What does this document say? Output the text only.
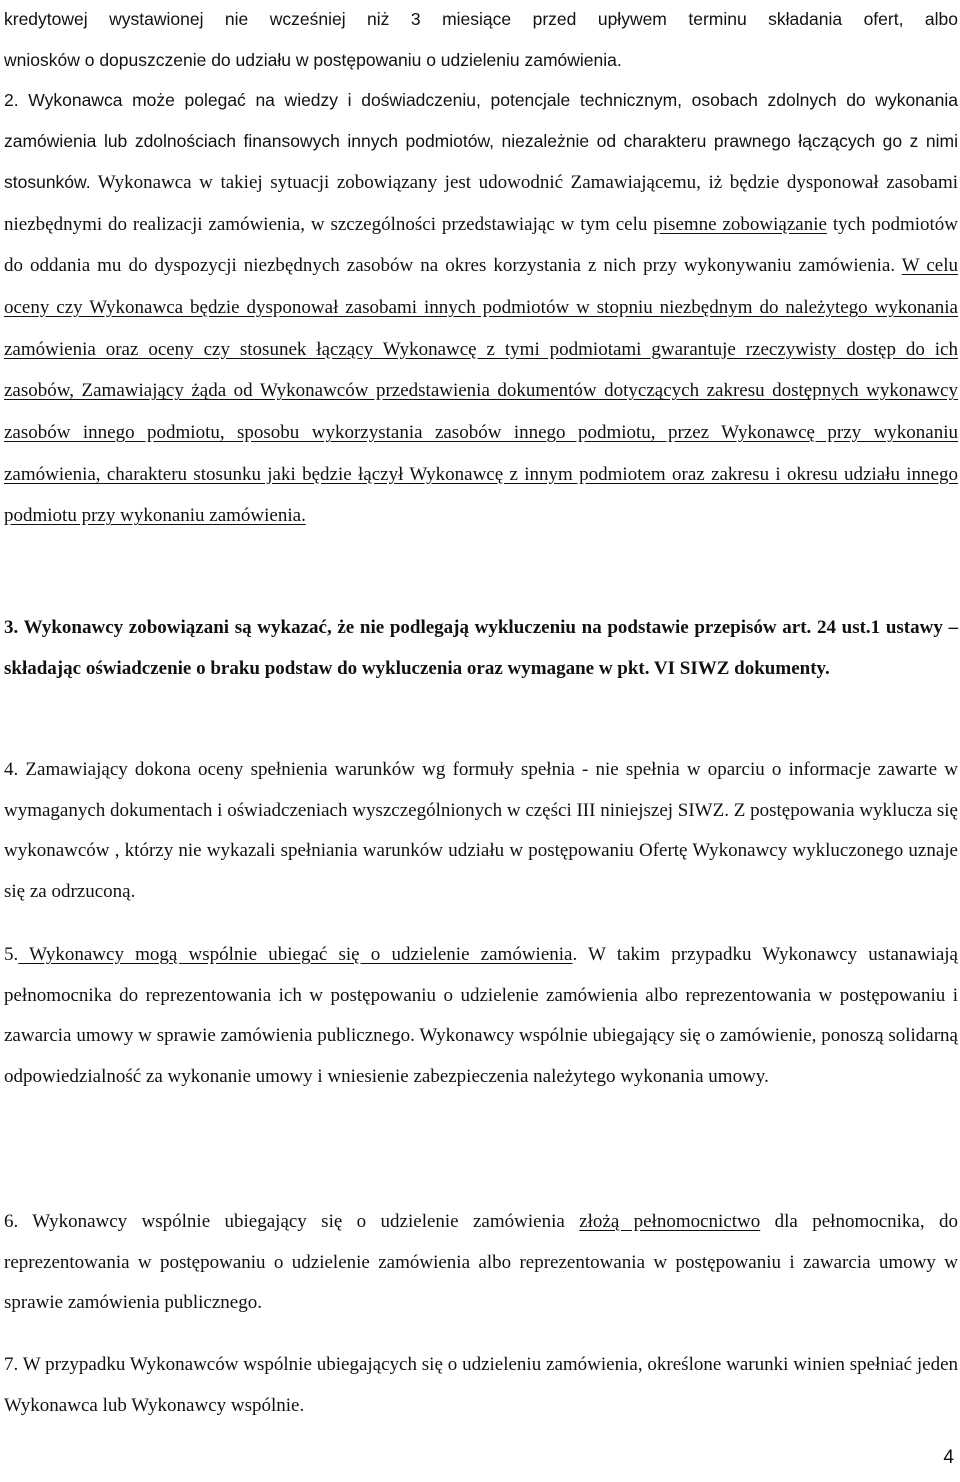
kredytowej wystawionej nie wcześniej niż 3 miesiące przed upływem terminu składania ofert, albo

wniosków o dopuszczenie do udziału w postępowaniu o udzieleniu zamówienia.

2. Wykonawca może polegać na wiedzy i doświadczeniu, potencjale technicznym, osobach zdolnych do wykonania zamówienia lub zdolnościach finansowych innych podmiotów, niezależnie od charakteru prawnego łączących go z nimi stosunków. Wykonawca w takiej sytuacji zobowiązany jest udowodnić Zamawiającemu, iż będzie dysponował zasobami niezbędnymi do realizacji zamówienia, w szczególności przedstawiając w tym celu pisemne zobowiązanie tych podmiotów do oddania mu do dyspozycji niezbędnych zasobów na okres korzystania z nich przy wykonywaniu zamówienia. W celu oceny czy Wykonawca będzie dysponował zasobami innych podmiotów w stopniu niezbędnym do należytego wykonania zamówienia oraz oceny czy stosunek łączący Wykonawcę z tymi podmiotami gwarantuje rzeczywisty dostęp do ich zasobów, Zamawiający żąda od Wykonawców przedstawienia dokumentów dotyczących zakresu dostępnych wykonawcy zasobów innego podmiotu, sposobu wykorzystania zasobów innego podmiotu, przez Wykonawcę przy wykonaniu zamówienia, charakteru stosunku jaki będzie łączył Wykonawcę z innym podmiotem oraz zakresu i okresu udziału innego podmiotu przy wykonaniu zamówienia.

3. Wykonawcy zobowiązani są wykazać, że nie podlegają wykluczeniu na podstawie przepisów art. 24 ust.1 ustawy – składając oświadczenie o braku podstaw do wykluczenia oraz wymagane w pkt. VI SIWZ dokumenty.

4. Zamawiający dokona oceny spełnienia warunków wg formuły spełnia - nie spełnia w oparciu o informacje zawarte w wymaganych dokumentach i oświadczeniach wyszczególnionych w części III niniejszej SIWZ. Z postępowania wyklucza się wykonawców , którzy nie wykazali spełniania warunków udziału w postępowaniu Ofertę Wykonawcy wykluczonego uznaje się za odrzuconą.

5. Wykonawcy mogą wspólnie ubiegać się o udzielenie zamówienia. W takim przypadku Wykonawcy ustanawiają pełnomocnika do reprezentowania ich w postępowaniu o udzielenie zamówienia albo reprezentowania w postępowaniu i zawarcia umowy w sprawie zamówienia publicznego. Wykonawcy wspólnie ubiegający się o zamówienie, ponoszą solidarną odpowiedzialność za wykonanie umowy i wniesienie zabezpieczenia należytego wykonania umowy.

6. Wykonawcy wspólnie ubiegający się o udzielenie zamówienia złożą pełnomocnictwo dla pełnomocnika, do reprezentowania w postępowaniu o udzielenie zamówienia albo reprezentowania w postępowaniu i zawarcia umowy w sprawie zamówienia publicznego.

7. W przypadku Wykonawców wspólnie ubiegających się o udzieleniu zamówienia, określone warunki winien spełniać jeden Wykonawca lub Wykonawcy wspólnie.

4
